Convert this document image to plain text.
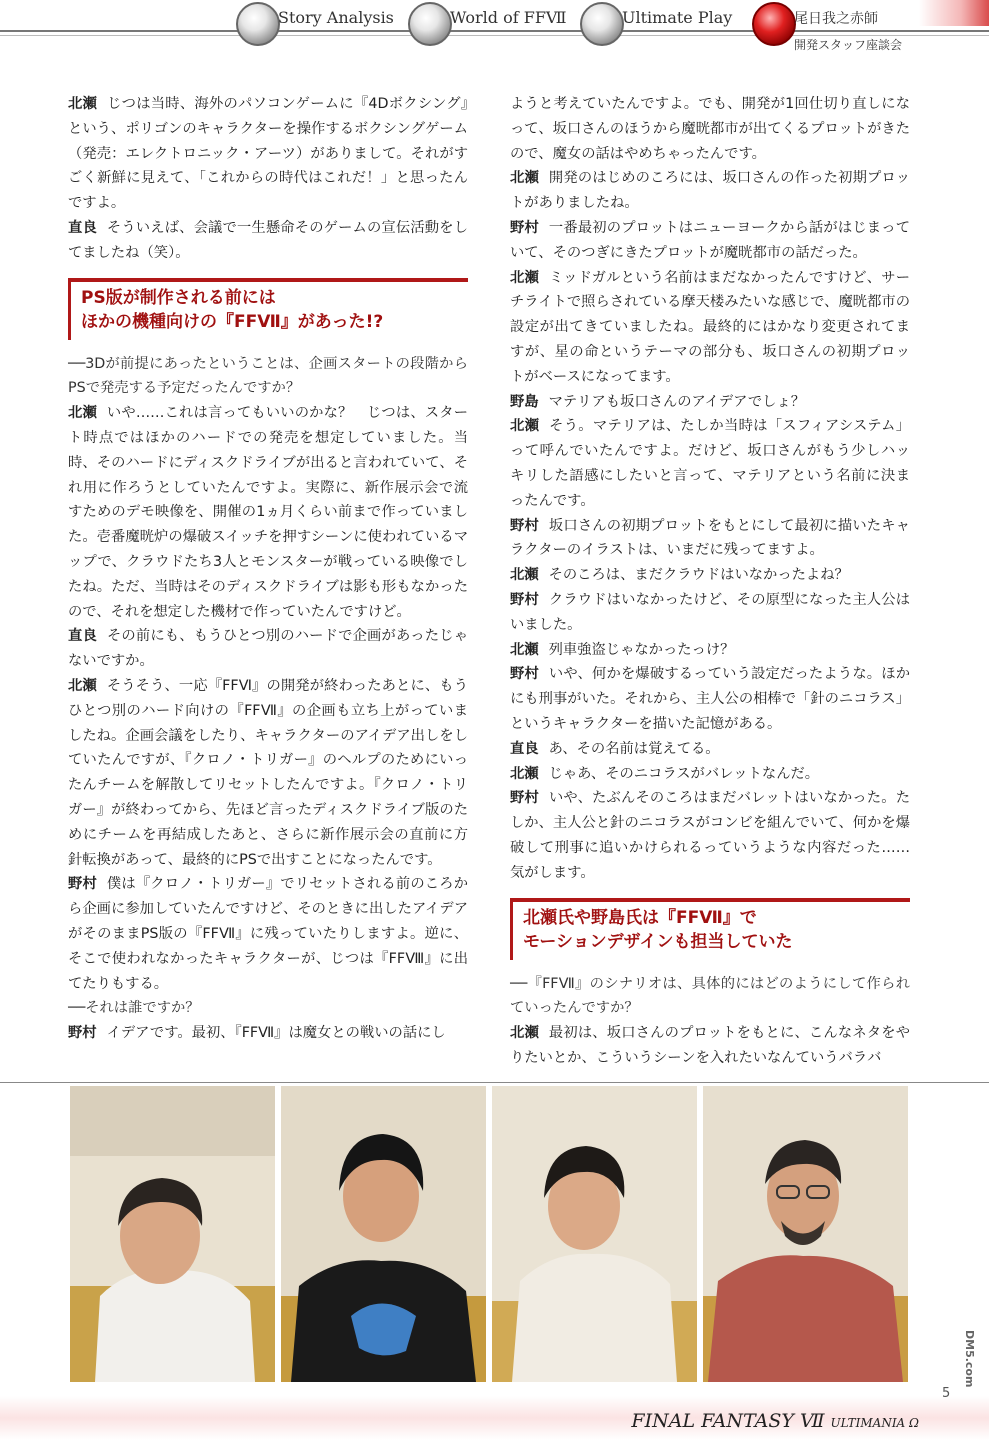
Story Analysis	World of FFⅦ	Ultimate Play	尾日我之赤師
開発スタッフ座談会

北瀬 じつは当時、海外のパソコンゲームに『4Dボクシング』という、ポリゴンのキャラクターを操作するボクシングゲーム（発売：エレクトロニック・アーツ）がありまして。それがすごく新鮮に見えて、「これからの時代はこれだ！」と思ったんですよ。

直良 そういえば、会議で一生懸命そのゲームの宣伝活動をしてましたね（笑）。

PS版が制作される前には
ほかの機種向けの『FFⅦ』があった!?

──3Dが前提にあったということは、企画スタートの段階からPSで発売する予定だったんですか？

北瀬 いや……これは言ってもいいのかな？　じつは、スタート時点ではほかのハードでの発売を想定していました。当時、そのハードにディスクドライブが出ると言われていて、それ用に作ろうとしていたんですよ。実際に、新作展示会で流すためのデモ映像を、開催の1ヵ月くらい前まで作っていました。壱番魔晄炉の爆破スイッチを押すシーンに使われているマップで、クラウドたち3人とモンスターが戦っている映像でしたね。ただ、当時はそのディスクドライブは影も形もなかったので、それを想定した機材で作っていたんですけど。

直良 その前にも、もうひとつ別のハードで企画があったじゃないですか。

北瀬 そうそう、一応『FFⅥ』の開発が終わったあとに、もうひとつ別のハード向けの『FFⅦ』の企画も立ち上がっていましたね。企画会議をしたり、キャラクターのアイデア出しをしていたんですが、『クロノ・トリガー』のヘルプのためにいったんチームを解散してリセットしたんですよ。『クロノ・トリガー』が終わってから、先ほど言ったディスクドライブ版のためにチームを再結成したあと、さらに新作展示会の直前に方針転換があって、最終的にPSで出すことになったんです。

野村 僕は『クロノ・トリガー』でリセットされる前のころから企画に参加していたんですけど、そのときに出したアイデアがそのままPS版の『FFⅦ』に残っていたりしますよ。逆に、そこで使われなかったキャラクターが、じつは『FFⅧ』に出てたりもする。

──それは誰ですか？

野村 イデアです。最初、『FFⅦ』は魔女との戦いの話にし

ようと考えていたんですよ。でも、開発が1回仕切り直しになって、坂口さんのほうから魔晄都市が出てくるプロットがきたので、魔女の話はやめちゃったんです。

北瀬 開発のはじめのころには、坂口さんの作った初期プロットがありましたね。

野村 一番最初のプロットはニューヨークから話がはじまっていて、そのつぎにきたプロットが魔晄都市の話だった。

北瀬 ミッドガルという名前はまだなかったんですけど、サーチライトで照らされている摩天楼みたいな感じで、魔晄都市の設定が出てきていましたね。最終的にはかなり変更されてますが、星の命というテーマの部分も、坂口さんの初期プロットがベースになってます。

野島 マテリアも坂口さんのアイデアでしょ？

北瀬 そう。マテリアは、たしか当時は「スフィアシステム」って呼んでいたんですよ。だけど、坂口さんがもう少しハッキリした語感にしたいと言って、マテリアという名前に決まったんです。

野村 坂口さんの初期プロットをもとにして最初に描いたキャラクターのイラストは、いまだに残ってますよ。

北瀬 そのころは、まだクラウドはいなかったよね？

野村 クラウドはいなかったけど、その原型になった主人公はいました。

北瀬 列車強盗じゃなかったっけ？

野村 いや、何かを爆破するっていう設定だったような。ほかにも刑事がいた。それから、主人公の相棒で「針のニコラス」というキャラクターを描いた記憶がある。

直良 あ、その名前は覚えてる。

北瀬 じゃあ、そのニコラスがバレットなんだ。

野村 いや、たぶんそのころはまだバレットはいなかった。たしか、主人公と針のニコラスがコンビを組んでいて、何かを爆破して刑事に追いかけられるっていうような内容だった……気がします。

北瀬氏や野島氏は『FFⅦ』で
モーションデザインも担当していた

──『FFⅦ』のシナリオは、具体的にはどのようにして作られていったんですか？

北瀬 最初は、坂口さんのプロットをもとに、こんなネタをやりたいとか、こういうシーンを入れたいなんていうバラバ

5
FINAL FANTASY Ⅶ ULTIMANIA Ω
DM5.com
